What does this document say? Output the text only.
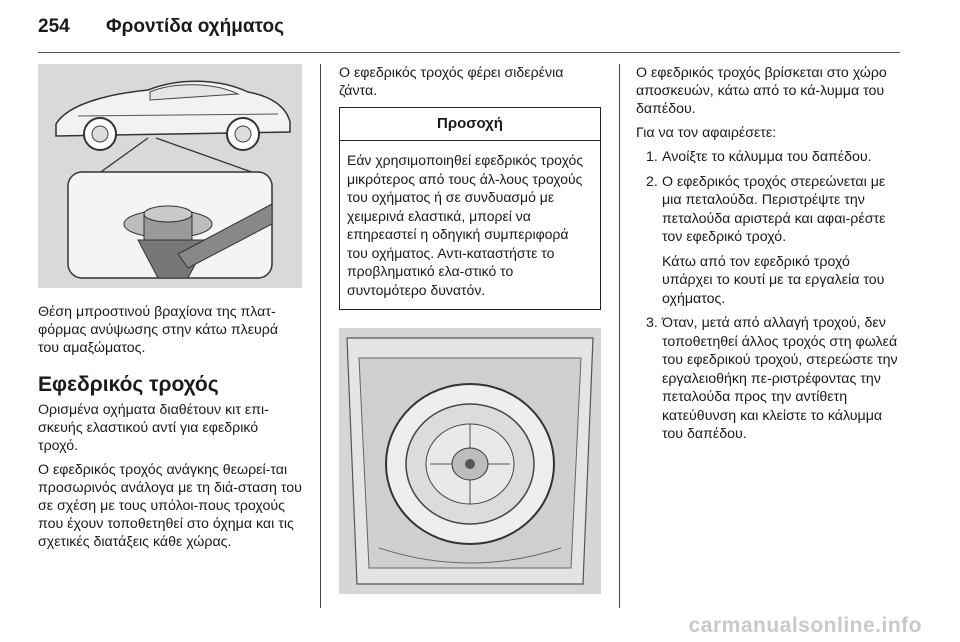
254 Φροντίδα οχήματος

Θέση μπροστινού βραχίονα της πλατ-φόρμας ανύψωσης στην κάτω πλευρά του αμαξώματος.

Εφεδρικός τροχός

Ορισμένα οχήματα διαθέτουν κιτ επι-σκευής ελαστικού αντί για εφεδρικό τροχό.

Ο εφεδρικός τροχός ανάγκης θεωρεί-ται προσωρινός ανάλογα με τη διά-σταση του σε σχέση με τους υπόλοι-πους τροχούς που έχουν τοποθετηθεί στο όχημα και τις σχετικές διατάξεις κάθε χώρας.

Ο εφεδρικός τροχός φέρει σιδερένια ζάντα.

Προσοχή
Εάν χρησιμοποιηθεί εφεδρικός τροχός μικρότερος από τους άλ-λους τροχούς του οχήματος ή σε συνδυασμό με χειμερινά ελαστικά, μπορεί να επηρεαστεί η οδηγική συμπεριφορά του οχήματος. Αντι-καταστήστε το προβληματικό ελα-στικό το συντομότερο δυνατόν.

Ο εφεδρικός τροχός βρίσκεται στο χώρο αποσκευών, κάτω από το κά-λυμμα του δαπέδου.

Για να τον αφαιρέσετε:

1. Ανοίξτε το κάλυμμα του δαπέδου.
2. Ο εφεδρικός τροχός στερεώνεται με μια πεταλούδα. Περιστρέψτε την πεταλούδα αριστερά και αφαι-ρέστε τον εφεδρικό τροχό.
Κάτω από τον εφεδρικό τροχό υπάρχει το κουτί με τα εργαλεία του οχήματος.
3. Όταν, μετά από αλλαγή τροχού, δεν τοποθετηθεί άλλος τροχός στη φωλεά του εφεδρικού τροχού, στερεώστε την εργαλειοθήκη πε-ριστρέφοντας την πεταλούδα προς την αντίθετη κατεύθυνση και κλείστε το κάλυμμα του δαπέδου.
carmanualsonline.info
